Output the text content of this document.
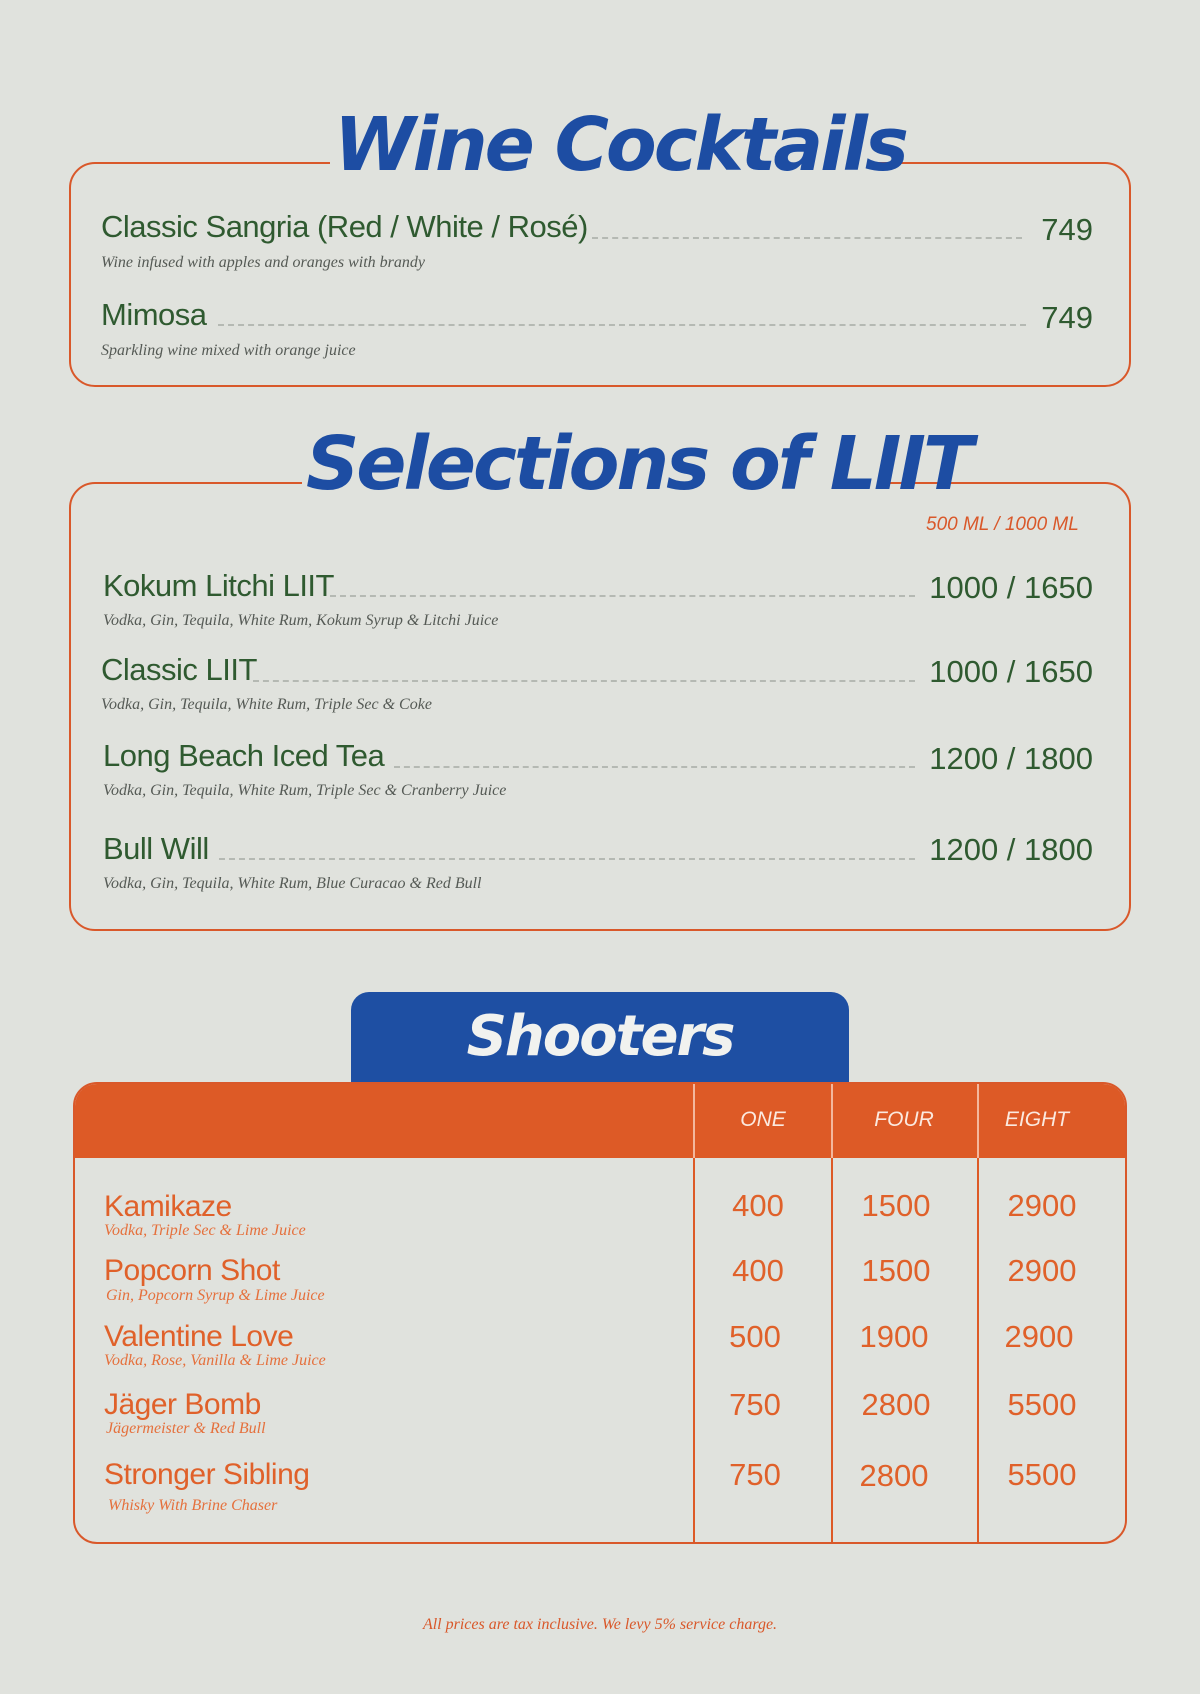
Wine Cocktails
Classic Sangria (Red / White / Rosé)	749
Wine infused with apples and oranges with brandy
Mimosa	749
Sparkling wine mixed with orange juice
Selections of LIIT
500 ML / 1000 ML
Kokum Litchi LIIT	1000 / 1650
Vodka, Gin, Tequila, White Rum, Kokum Syrup & Litchi Juice
Classic LIIT	1000 / 1650
Vodka, Gin, Tequila, White Rum, Triple Sec & Coke
Long Beach Iced Tea	1200 / 1800
Vodka, Gin, Tequila, White Rum, Triple Sec & Cranberry Juice
Bull Will	1200 / 1800
Vodka, Gin, Tequila, White Rum, Blue Curacao & Red Bull
Shooters
ONE	FOUR	EIGHT
Kamikaze
Vodka, Triple Sec & Lime Juice
400	1500	2900
Popcorn Shot
Gin, Popcorn Syrup & Lime Juice
400	1500	2900
Valentine Love
Vodka, Rose, Vanilla & Lime Juice
500	1900	2900
Jäger Bomb
Jägermeister & Red Bull
750	2800	5500
Stronger Sibling
Whisky With Brine Chaser
750	2800	5500
All prices are tax inclusive. We levy 5% service charge.
